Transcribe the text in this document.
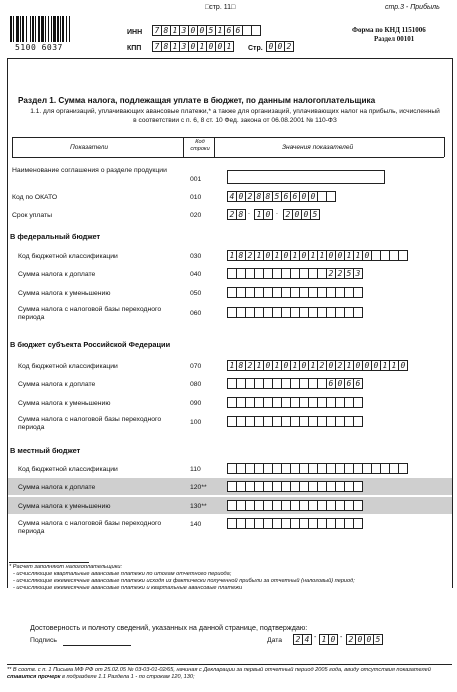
□стр. 11□	стр.3 - Прибыль
5100 6037
ИНН	7 8 1 3 0 0 5 1 6 6
КПП	7 8 1 3 0 1 0 0 1	Стр. 0 0 2
Форма по КНД 1151006
Раздел 00101
Раздел 1. Сумма налога, подлежащая уплате в бюджет, по данным налогоплательщика
1.1. для организаций, уплачивающих авансовые платежи,* а также для организаций, уплачивающих налог на прибыль, исчисленный в соответствии с п. 6, 8 ст. 10 Фед. закона от 06.08.2001 № 110-ФЗ
Показатели
Код строки	Значения показателей
Наименование соглашения о разделе продукции
001
Код по ОКАТО	010	4 0 2 8 8 5 6 6 0 0
Срок уплаты	020	2 8 . 1 0 . 2 0 0 5
В федеральный бюджет
Код бюджетной классификации	030	1 8 2 1 0 1 0 1 0 1 1 0 0 1 1 0
Сумма налога к доплате	040	2 2 5 3
Сумма налога к уменьшению	050
Сумма налога с налоговой базы переходного периода
060
В бюджет субъекта Российской Федерации
Код бюджетной классификации	070	1 8 2 1 0 1 0 1 0 1 2 0 2 1 0 0 0 1 1 0
Сумма налога к доплате	080	6 0 6 6
Сумма налога к уменьшению	090
Сумма налога с налоговой базы переходного периода
100
В местный бюджет
Код бюджетной классификации	110
Сумма налога к доплате	120**
Сумма налога к уменьшению	130**
Сумма налога с налоговой базы переходного периода
140
* Расчет заполняют налогоплательщики:
- исчисляющие квартальные авансовые платежи по итогам отчетного периода;
- исчисляющие ежемесячные авансовые платежи исходя из фактически полученной прибыли за отчетный (налоговый) период;
- исчисляющие ежемесячные авансовые платежи и квартальные авансовые платежи
Достоверность и полноту сведений, указанных на данной странице, подтверждаю:
Подпись	Дата	2 4 - 1 0 - 2 0 0 5
** В соотв. с п. 1 Письма МФ РФ от 25.02.05 № 03-03-01-02/65, начиная с Декларации за первый отчетный период 2005 года, ввиду отсутствия показателей ставится прочерк в подразделе 1.1 Раздела 1 - по строкам 120, 130;
